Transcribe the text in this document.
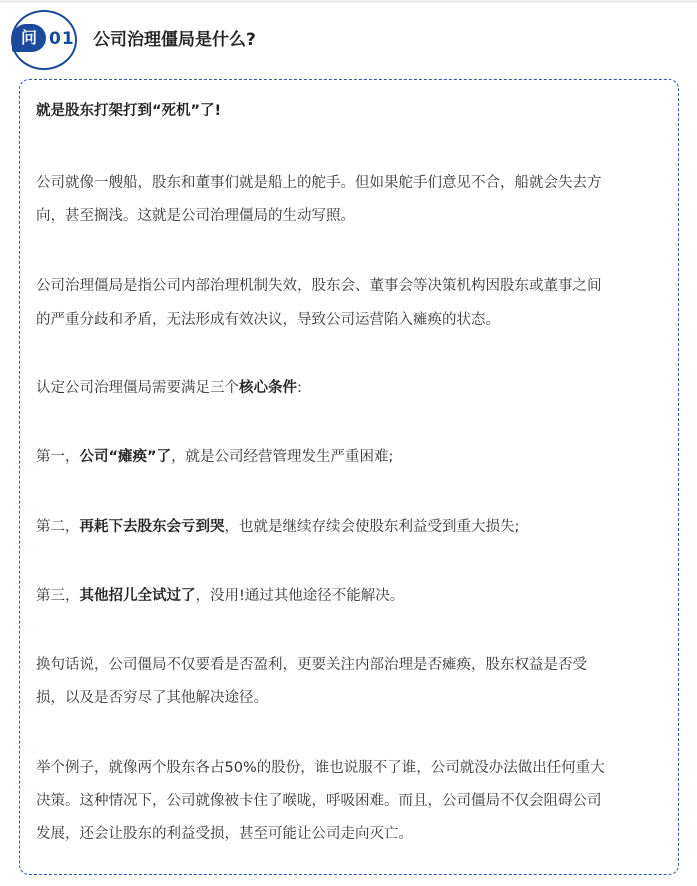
问 01 公司治理僵局是什么?

就是股东打架打到“死机”了!

公司就像一艘船，股东和董事们就是船上的舵手。但如果舵手们意见不合，船就会失去方

向，甚至搁浅。这就是公司治理僵局的生动写照。

公司治理僵局是指公司内部治理机制失效，股东会、董事会等决策机构因股东或董事之间

的严重分歧和矛盾，无法形成有效决议，导致公司运营陷入瘫痪的状态。

认定公司治理僵局需要满足三个核心条件:

第一，公司“瘫痪”了，就是公司经营管理发生严重困难;

第二，再耗下去股东会亏到哭，也就是继续存续会使股东利益受到重大损失;

第三，其他招儿全试过了，没用!通过其他途径不能解决。

换句话说，公司僵局不仅要看是否盈利，更要关注内部治理是否瘫痪，股东权益是否受

损，以及是否穷尽了其他解决途径。

举个例子，就像两个股东各占50%的股份，谁也说服不了谁，公司就没办法做出任何重大

决策。这种情况下，公司就像被卡住了喉咙，呼吸困难。而且，公司僵局不仅会阻碍公司

发展，还会让股东的利益受损，甚至可能让公司走向灭亡。
